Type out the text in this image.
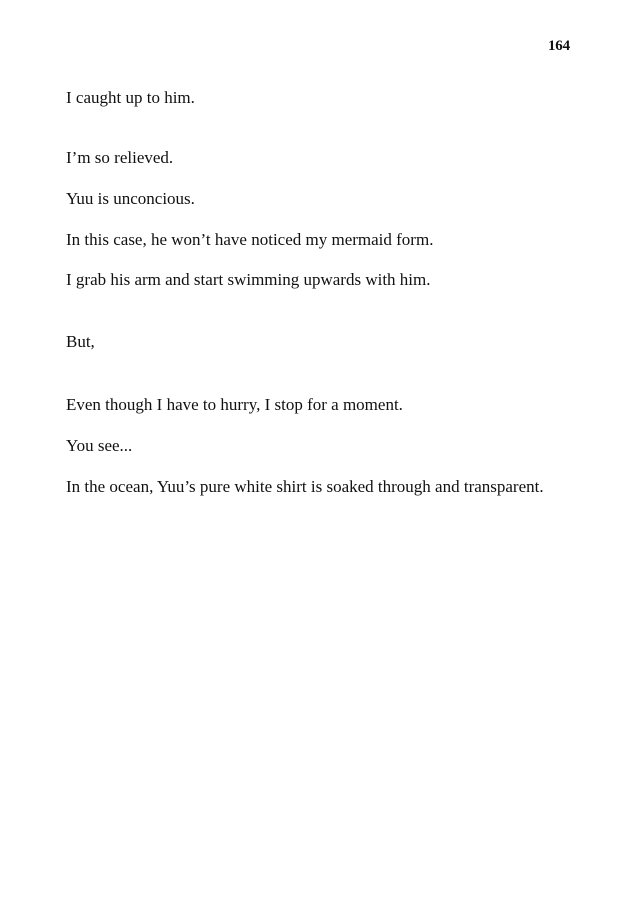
164
I caught up to him.
I’m so relieved.
Yuu is unconcious.
In this case, he won’t have noticed my mermaid form.
I grab his arm and start swimming upwards with him.
But,
Even though I have to hurry, I stop for a moment.
You see...
In the ocean, Yuu’s pure white shirt is soaked through and transparent.
